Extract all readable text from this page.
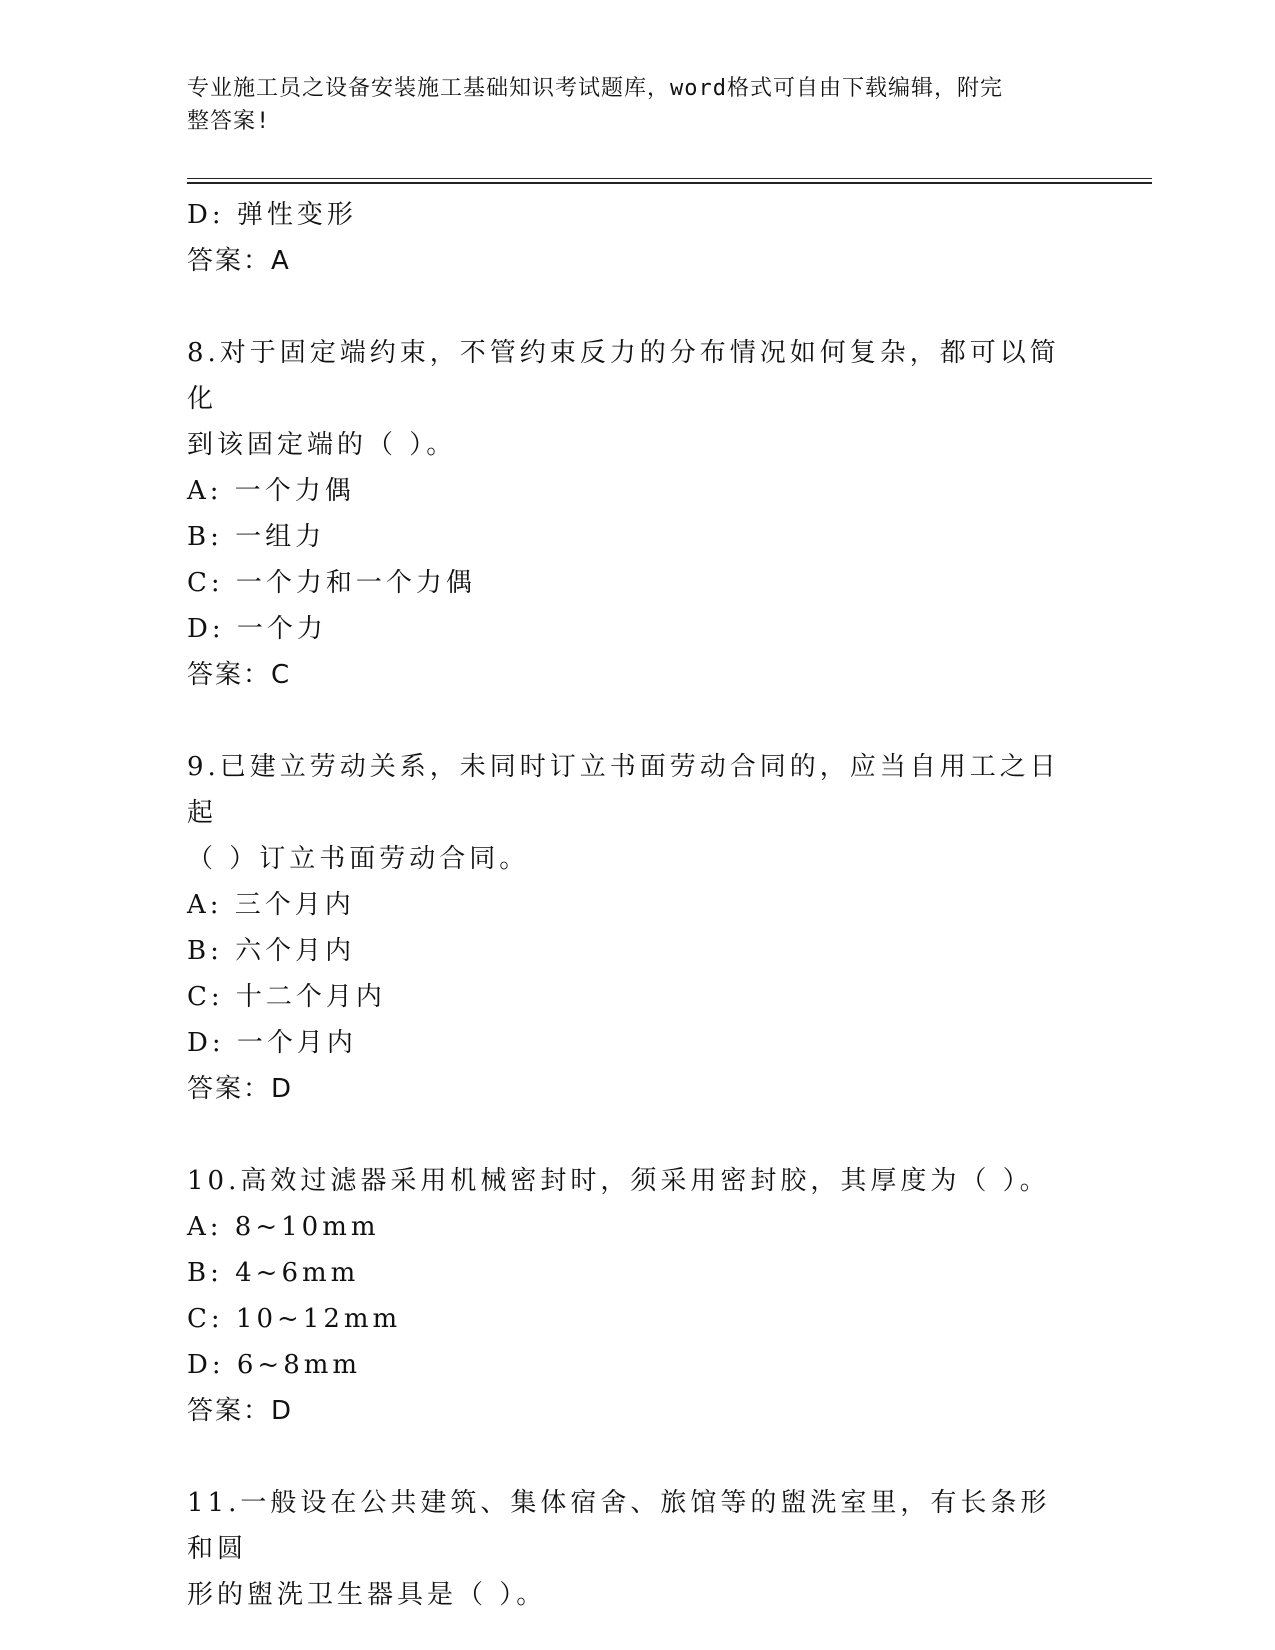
专业施工员之设备安装施工基础知识考试题库，word格式可自由下载编辑，附完
整答案!
D: 弹性变形
答案：A
8.对于固定端约束，不管约束反力的分布情况如何复杂，都可以简化
到该固定端的（ ）。
A: 一个力偶
B: 一组力
C: 一个力和一个力偶
D: 一个力
答案：C
9.已建立劳动关系，未同时订立书面劳动合同的，应当自用工之日起
（ ）订立书面劳动合同。
A: 三个月内
B: 六个月内
C: 十二个月内
D: 一个月内
答案：D
10.高效过滤器采用机械密封时，须采用密封胶，其厚度为（ ）。
A: 8~10mm
B: 4~6mm
C: 10~12mm
D: 6~8mm
答案：D
11.一般设在公共建筑、集体宿舍、旅馆等的盥洗室里，有长条形和圆
形的盥洗卫生器具是（ ）。
